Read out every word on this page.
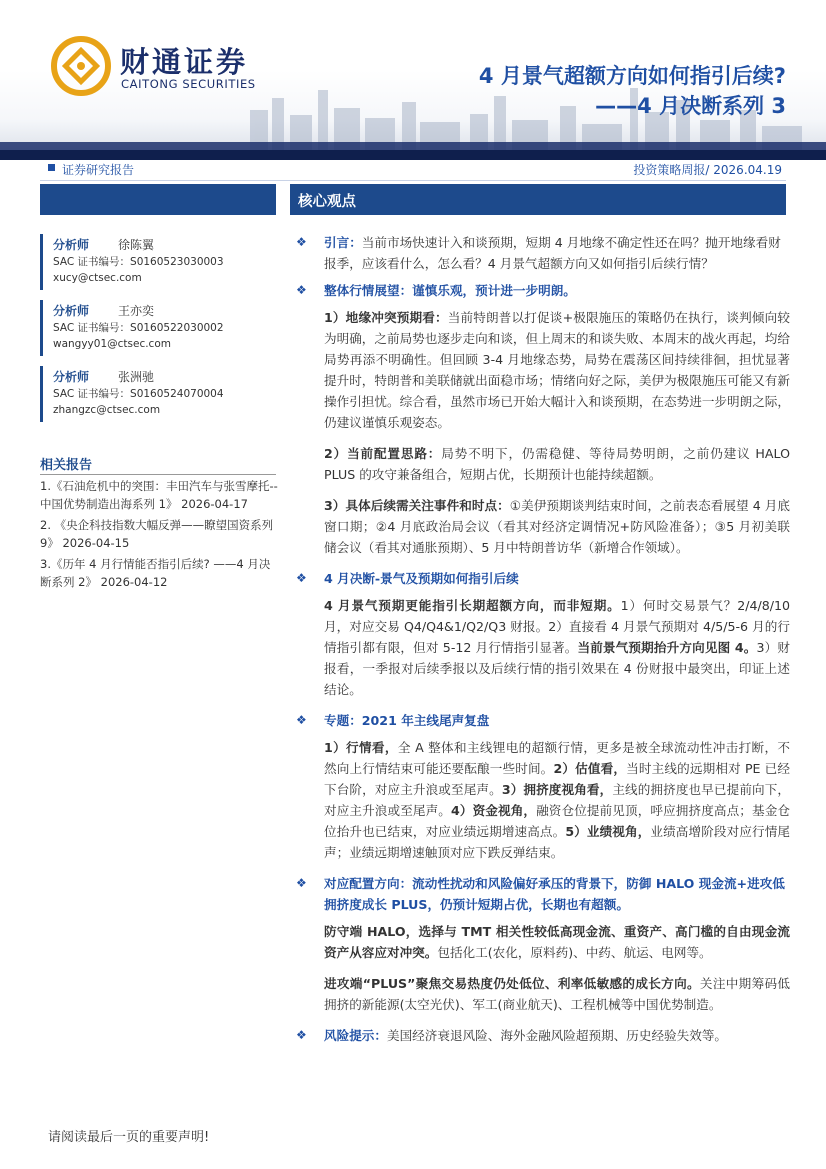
财通证券
CAITONG SECURITIES	4 月景气超额方向如何指引后续?
——4 月决断系列 3
证券研究报告	投资策略周报/ 2026.04.19
核心观点
分析师 徐陈翼
SAC 证书编号：S0160523030003
xucy@ctsec.com
分析师 王亦奕
SAC 证书编号：S0160522030002
wangyy01@ctsec.com
分析师 张洲驰
SAC 证书编号：S0160524070004
zhangzc@ctsec.com
相关报告
1.《石油危机中的突围：丰田汽车与张雪摩托--中国优势制造出海系列 1》 2026-04-17
2. 《央企科技指数大幅反弹——瞭望国资系列 9》 2026-04-15
3.《历年 4 月行情能否指引后续? ——4 月决断系列 2》 2026-04-12
❖ 引言：当前市场快速计入和谈预期，短期 4 月地缘不确定性还在吗？抛开地缘看财报季，应该看什么，怎么看？4 月景气超额方向又如何指引后续行情？
❖ 整体行情展望：谨慎乐观，预计进一步明朗。
1）地缘冲突预期看：当前特朗普以打促谈+极限施压的策略仍在执行，谈判倾向较为明确，之前局势也逐步走向和谈，但上周末的和谈失败、本周末的战火再起，均给局势再添不明确性。但回顾 3-4 月地缘态势，局势在震荡区间持续徘徊，担忧显著提升时，特朗普和美联储就出面稳市场；情绪向好之际，美伊为极限施压可能又有新操作引担忧。综合看，虽然市场已开始大幅计入和谈预期，在态势进一步明朗之际，仍建议谨慎乐观姿态。
2）当前配置思路：局势不明下，仍需稳健、等待局势明朗，之前仍建议 HALO PLUS 的攻守兼备组合，短期占优，长期预计也能持续超额。
3）具体后续需关注事件和时点：①美伊预期谈判结束时间，之前表态看展望 4 月底窗口期；②4 月底政治局会议（看其对经济定调情况+防风险准备）；③5 月初美联储会议（看其对通胀预期）、5 月中特朗普访华（新增合作领域）。
❖ 4 月决断-景气及预期如何指引后续
4 月景气预期更能指引长期超额方向，而非短期。1）何时交易景气？2/4/8/10 月，对应交易 Q4/Q4&1/Q2/Q3 财报。2）直接看 4 月景气预期对 4/5/5-6 月的行情指引都有限，但对 5-12 月行情指引显著。当前景气预期抬升方向见图 4。3）财报看，一季报对后续季报以及后续行情的指引效果在 4 份财报中最突出，印证上述结论。
❖ 专题：2021 年主线尾声复盘
1）行情看，全 A 整体和主线锂电的超额行情，更多是被全球流动性冲击打断，不然向上行情结束可能还要酝酿一些时间。2）估值看，当时主线的远期相对 PE 已经下台阶，对应主升浪或至尾声。3）拥挤度视角看，主线的拥挤度也早已提前向下，对应主升浪或至尾声。4）资金视角，融资仓位提前见顶，呼应拥挤度高点；基金仓位抬升也已结束，对应业绩远期增速高点。5）业绩视角，业绩高增阶段对应行情尾声；业绩远期增速触顶对应下跌反弹结束。
❖ 对应配置方向：流动性扰动和风险偏好承压的背景下，防御 HALO 现金流+进攻低拥挤度成长 PLUS，仍预计短期占优，长期也有超额。
防守端 HALO，选择与 TMT 相关性较低高现金流、重资产、高门槛的自由现金流资产从容应对冲突。包括化工(农化，原料药)、中药、航运、电网等。
进攻端“PLUS”聚焦交易热度仍处低位、利率低敏感的成长方向。关注中期筹码低拥挤的新能源(太空光伏)、军工(商业航天)、工程机械等中国优势制造。
❖ 风险提示：美国经济衰退风险、海外金融风险超预期、历史经验失效等。
请阅读最后一页的重要声明!
